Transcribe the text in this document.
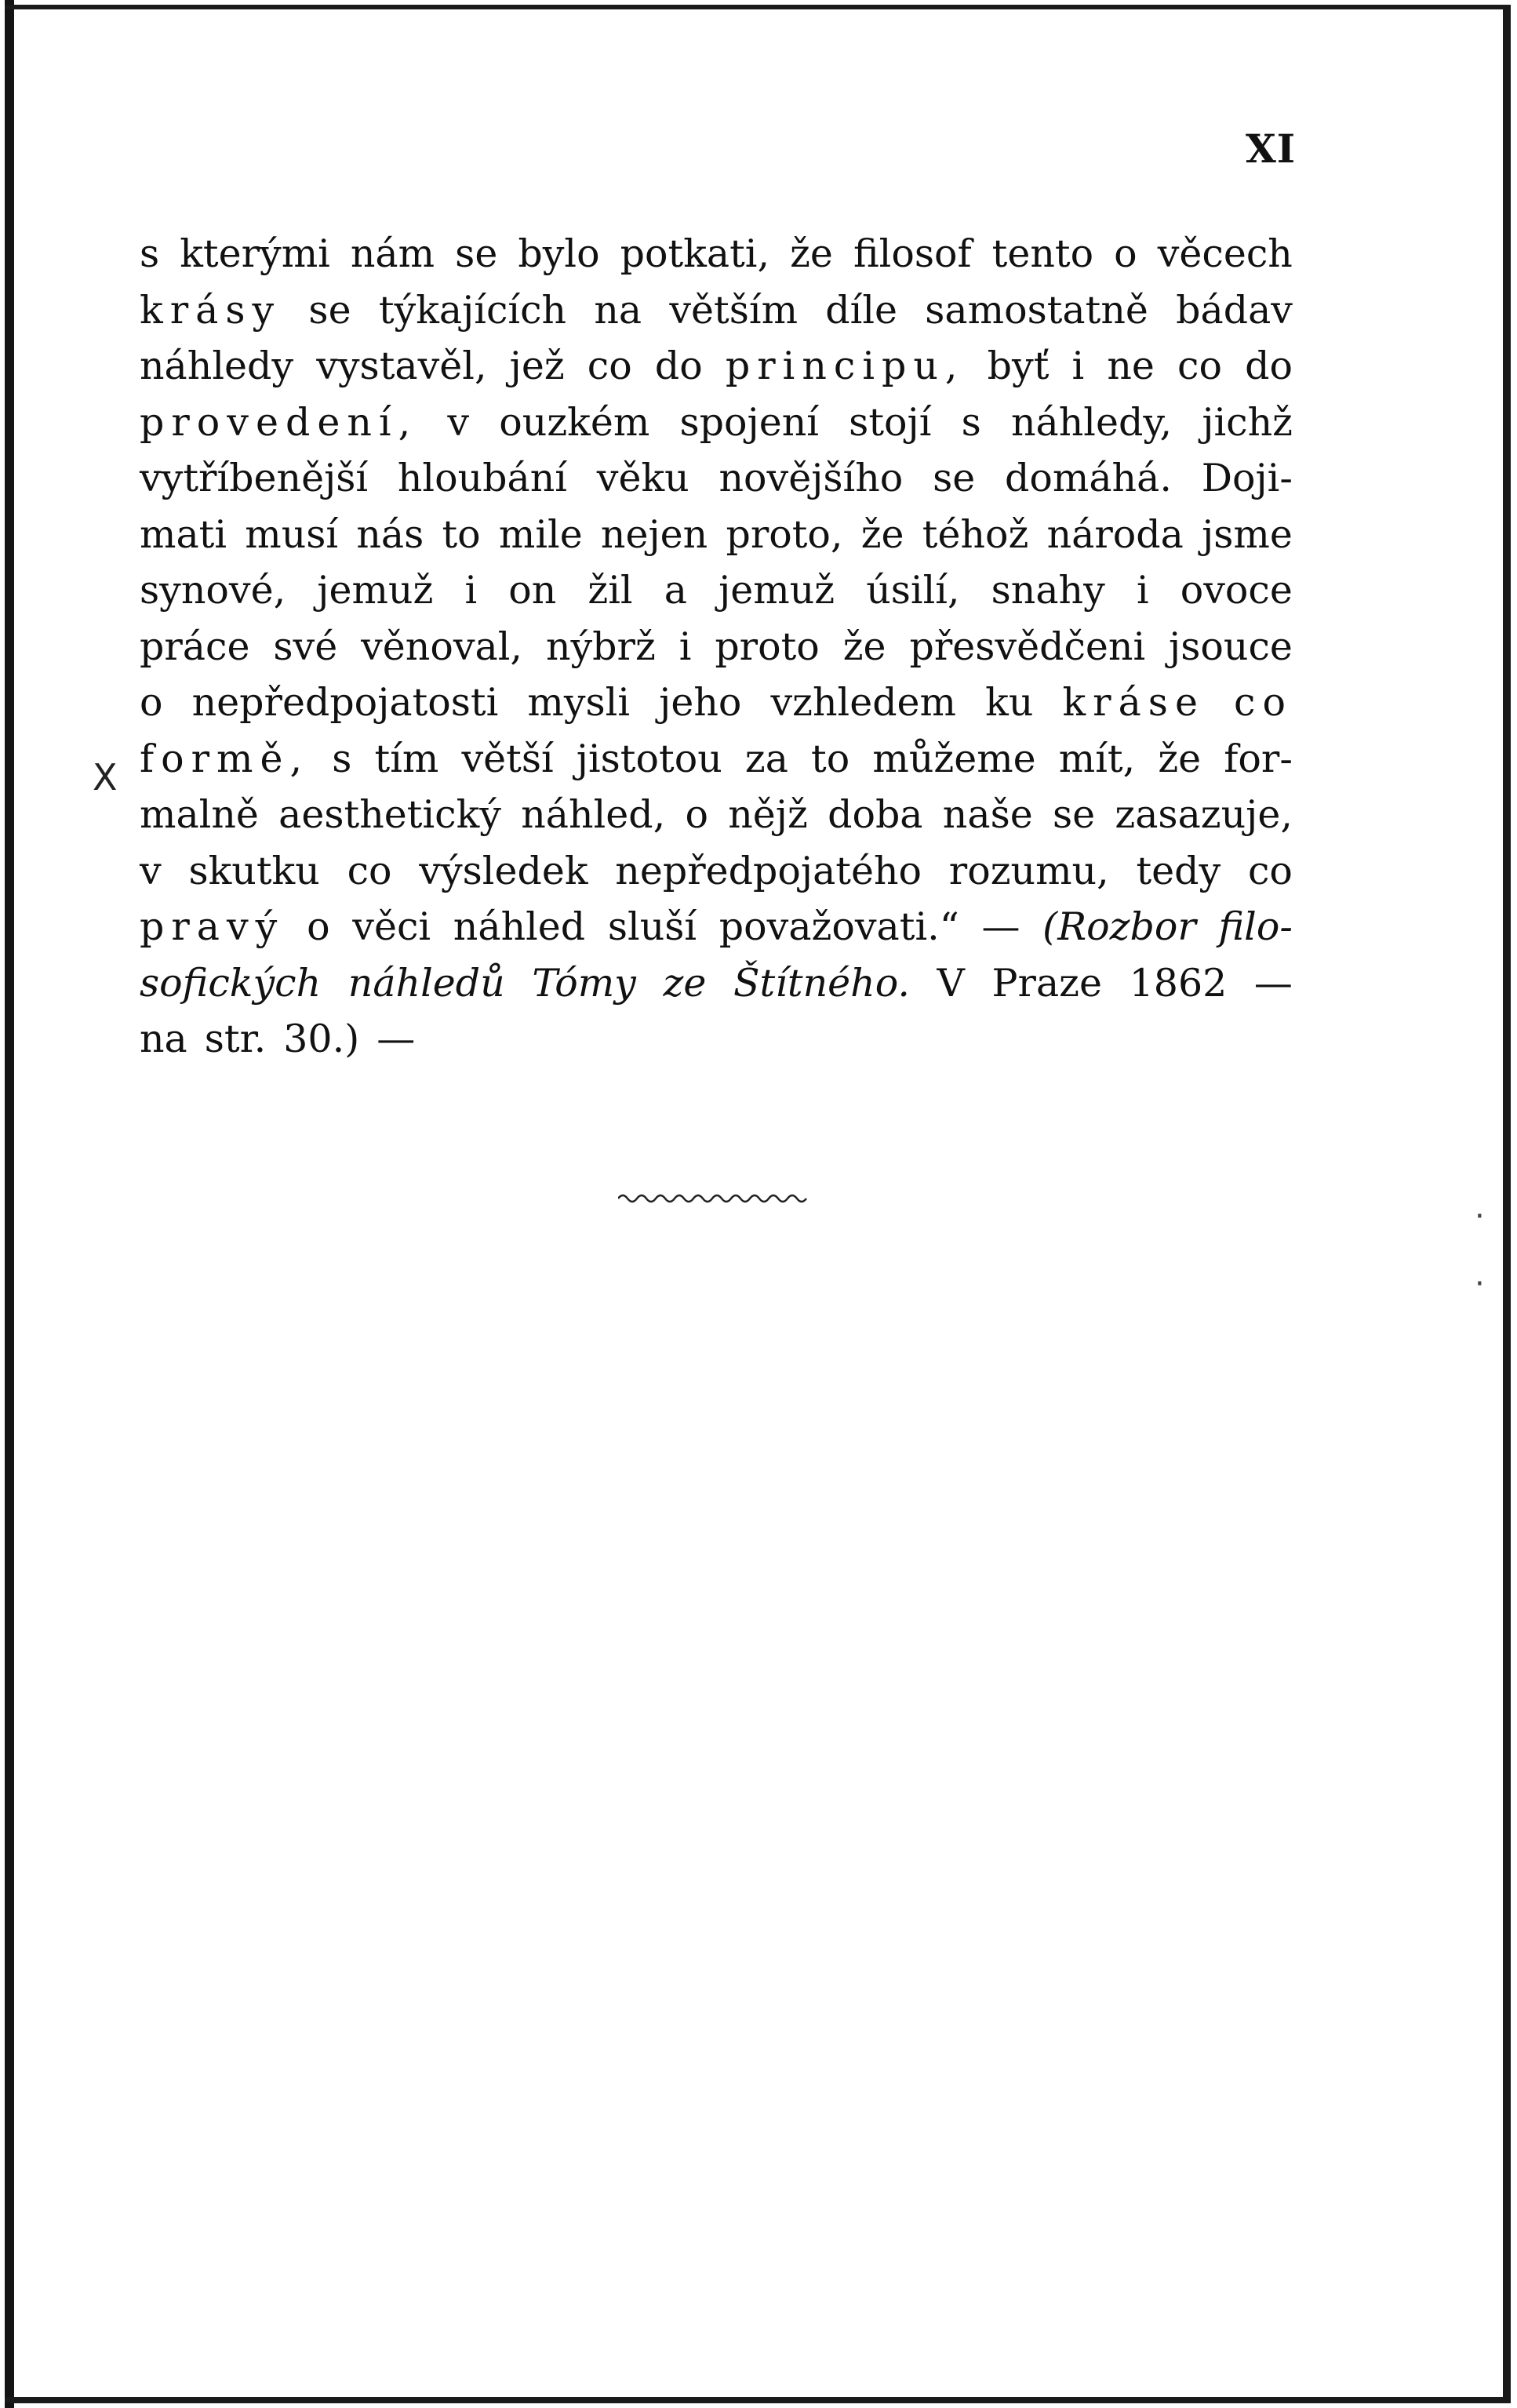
XI
X
s kterými nám se bylo potkati, že filosof tento o věcech
krásy se týkajících na větším díle samostatně bádav
náhledy vystavěl, jež co do principu, byť i ne co do
provedení, v ouzkém spojení stojí s náhledy, jichž
vytříbenější hloubání věku novějšího se domáhá. Doji-
mati musí nás to mile nejen proto, že téhož národa jsme
synové, jemuž i on žil a jemuž úsilí, snahy i ovoce
práce své věnoval, nýbrž i proto že přesvědčeni jsouce
o nepředpojatosti mysli jeho vzhledem ku kráse co
formě, s tím větší jistotou za to můžeme mít, že for-
malně aesthetický náhled, o nějž doba naše se zasazuje,
v skutku co výsledek nepředpojatého rozumu, tedy co
pravý o věci náhled sluší považovati.“ — (Rozbor filo-
sofických náhledů Tómy ze Štítného. V Praze 1862 —
na str. 30.) —
·
·
